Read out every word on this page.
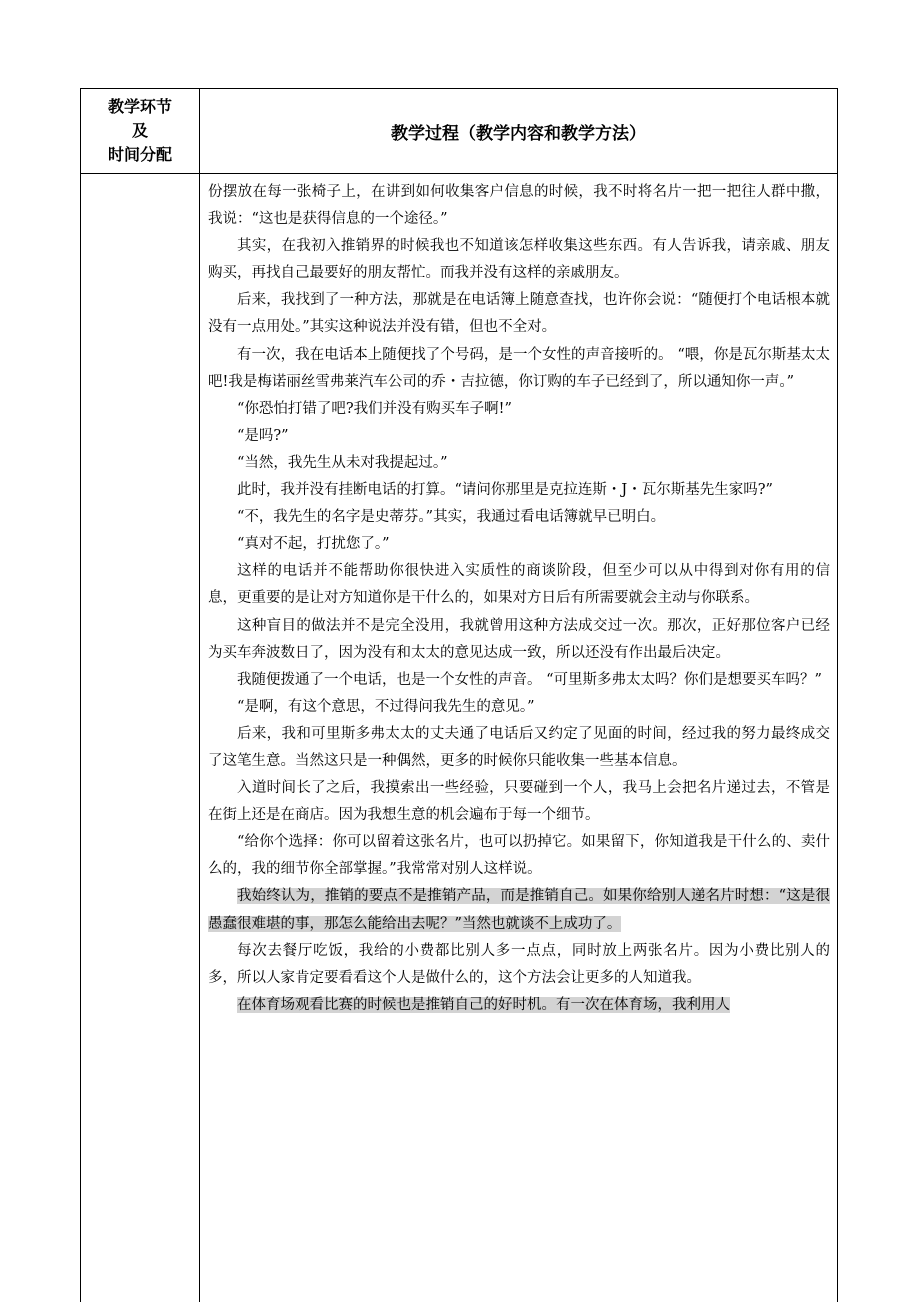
教学环节
及
时间分配
教学过程（教学内容和教学方法）

份摆放在每一张椅子上，在讲到如何收集客户信息的时候，我不时将名片一把一把往人群中撒，我说：“这也是获得信息的一个途径。”

其实，在我初入推销界的时候我也不知道该怎样收集这些东西。有人告诉我，请亲戚、朋友购买，再找自己最要好的朋友帮忙。而我并没有这样的亲戚朋友。

后来，我找到了一种方法，那就是在电话簿上随意查找，也许你会说：“随便打个电话根本就没有一点用处。”其实这种说法并没有错，但也不全对。

有一次，我在电话本上随便找了个号码，是一个女性的声音接听的。 “喂，你是瓦尔斯基太太吧!我是梅诺丽丝雪弗莱汽车公司的乔・吉拉德，你订购的车子已经到了，所以通知你一声。”

“你恐怕打错了吧?我们并没有购买车子啊!”

“是吗?”

“当然，我先生从未对我提起过。”

此时，我并没有挂断电话的打算。“请问你那里是克拉连斯・J・瓦尔斯基先生家吗?”

“不，我先生的名字是史蒂芬。”其实，我通过看电话簿就早已明白。

“真对不起，打扰您了。”

这样的电话并不能帮助你很快进入实质性的商谈阶段，但至少可以从中得到对你有用的信息，更重要的是让对方知道你是干什么的，如果对方日后有所需要就会主动与你联系。

这种盲目的做法并不是完全没用，我就曾用这种方法成交过一次。那次，正好那位客户已经为买车奔波数日了，因为没有和太太的意见达成一致，所以还没有作出最后决定。

我随便拨通了一个电话，也是一个女性的声音。 “可里斯多弗太太吗？你们是想要买车吗？”

“是啊，有这个意思，不过得问我先生的意见。”

后来，我和可里斯多弗太太的丈夫通了电话后又约定了见面的时间，经过我的努力最终成交了这笔生意。当然这只是一种偶然，更多的时候你只能收集一些基本信息。

入道时间长了之后，我摸索出一些经验，只要碰到一个人，我马上会把名片递过去，不管是在街上还是在商店。因为我想生意的机会遍布于每一个细节。

“给你个选择：你可以留着这张名片，也可以扔掉它。如果留下，你知道我是干什么的、卖什么的，我的细节你全部掌握。”我常常对别人这样说。

我始终认为，推销的要点不是推销产品，而是推销自己。如果你给别人递名片时想：“这是很愚蠢很难堪的事，那怎么能给出去呢？”当然也就谈不上成功了。

每次去餐厅吃饭，我给的小费都比别人多一点点，同时放上两张名片。因为小费比别人的多，所以人家肯定要看看这个人是做什么的，这个方法会让更多的人知道我。

在体育场观看比赛的时候也是推销自己的好时机。有一次在体育场，我利用人
